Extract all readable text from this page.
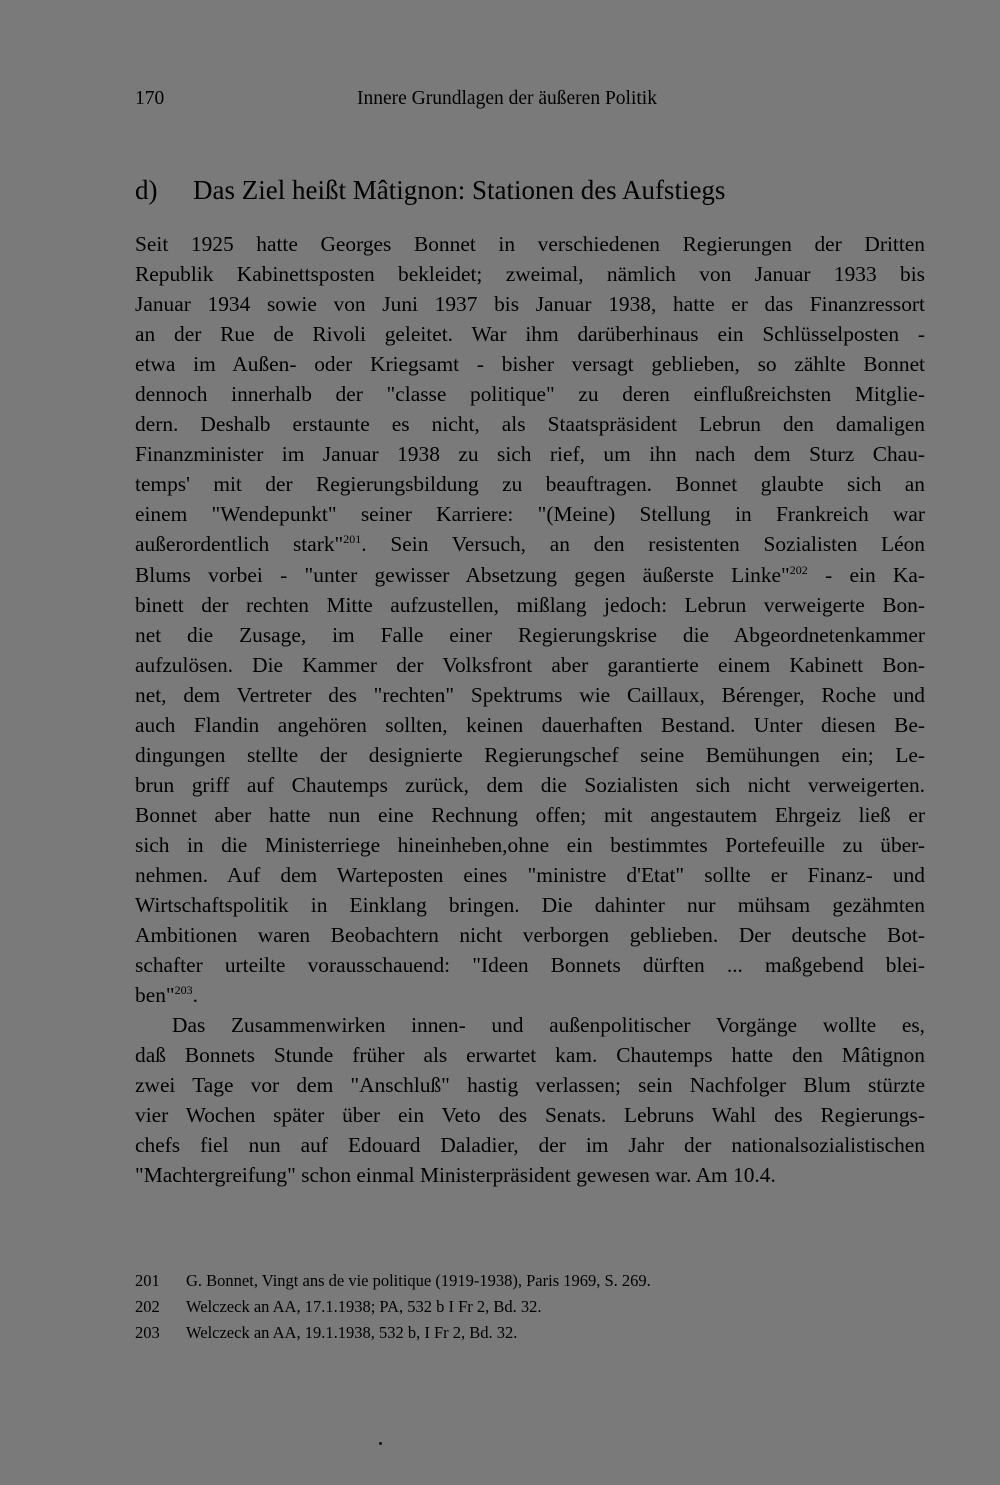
170	Innere Grundlagen der äußeren Politik
d) Das Ziel heißt Mâtignon: Stationen des Aufstiegs
Seit 1925 hatte Georges Bonnet in verschiedenen Regierungen der Dritten
Republik Kabinettsposten bekleidet; zweimal, nämlich von Januar 1933 bis
Januar 1934 sowie von Juni 1937 bis Januar 1938, hatte er das Finanzressort
an der Rue de Rivoli geleitet. War ihm darüberhinaus ein Schlüsselposten -
etwa im Außen- oder Kriegsamt - bisher versagt geblieben, so zählte Bonnet
dennoch innerhalb der "classe politique" zu deren einflußreichsten Mitglie-
dern. Deshalb erstaunte es nicht, als Staatspräsident Lebrun den damaligen
Finanzminister im Januar 1938 zu sich rief, um ihn nach dem Sturz Chau-
temps' mit der Regierungsbildung zu beauftragen. Bonnet glaubte sich an
einem "Wendepunkt" seiner Karriere: "(Meine) Stellung in Frankreich war
außerordentlich stark"$^{201}$. Sein Versuch, an den resistenten Sozialisten Léon
Blums vorbei - "unter gewisser Absetzung gegen äußerste Linke"$^{202}$ - ein Ka-
binett der rechten Mitte aufzustellen, mißlang jedoch: Lebrun verweigerte Bon-
net die Zusage, im Falle einer Regierungskrise die Abgeordnetenkammer
aufzulösen. Die Kammer der Volksfront aber garantierte einem Kabinett Bon-
net, dem Vertreter des "rechten" Spektrums wie Caillaux, Bérenger, Roche und
auch Flandin angehören sollten, keinen dauerhaften Bestand. Unter diesen Be-
dingungen stellte der designierte Regierungschef seine Bemühungen ein; Le-
brun griff auf Chautemps zurück, dem die Sozialisten sich nicht verweigerten.
Bonnet aber hatte nun eine Rechnung offen; mit angestautem Ehrgeiz ließ er
sich in die Ministerriege hineinheben,ohne ein bestimmtes Portefeuille zu über-
nehmen. Auf dem Warteposten eines "ministre d'Etat" sollte er Finanz- und
Wirtschaftspolitik in Einklang bringen. Die dahinter nur mühsam gezähmten
Ambitionen waren Beobachtern nicht verborgen geblieben. Der deutsche Bot-
schafter urteilte vorausschauend: "Ideen Bonnets dürften ... maßgebend blei-
ben"$^{203}$.
Das Zusammenwirken innen- und außenpolitischer Vorgänge wollte es,
daß Bonnets Stunde früher als erwartet kam. Chautemps hatte den Mâtignon
zwei Tage vor dem "Anschluß" hastig verlassen; sein Nachfolger Blum stürzte
vier Wochen später über ein Veto des Senats. Lebruns Wahl des Regierungs-
chefs fiel nun auf Edouard Daladier, der im Jahr der nationalsozialistischen
"Machtergreifung" schon einmal Ministerpräsident gewesen war. Am 10.4.
201 G. Bonnet, Vingt ans de vie politique (1919-1938), Paris 1969, S. 269.
202 Welczeck an AA, 17.1.1938; PA, 532 b I Fr 2, Bd. 32.
203 Welczeck an AA, 19.1.1938, 532 b, I Fr 2, Bd. 32.
